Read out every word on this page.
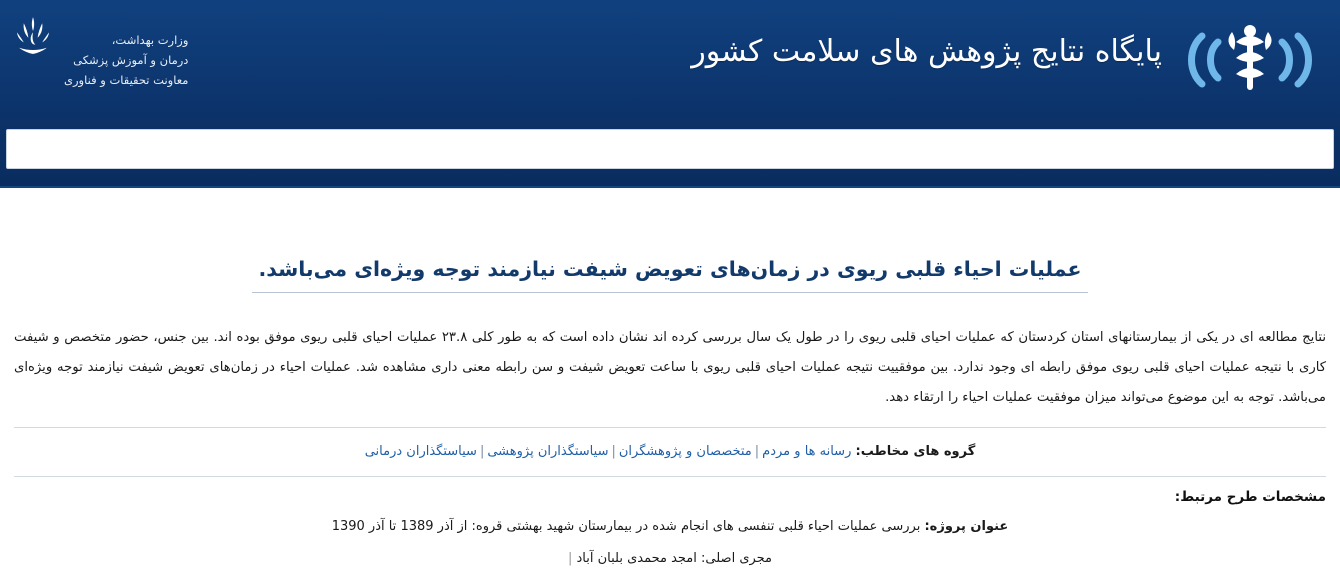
وزارت بهداشت،
درمان و آموزش پزشکی
معاونت تحقیقات و فناوری
پایگاه نتایج پژوهش های سلامت کشور
عملیات احیاء قلبی ریوی در زمان‌های تعویض شیفت نیازمند توجه ویژه‌ای می‌باشد.
نتایج مطالعه ای در یکی از بیمارستانهای استان کردستان که عملیات احیای قلبی ریوی را در طول یک سال بررسی کرده اند نشان داده است که به طور کلی ۲۳.۸ عملیات احیای قلبی ریوی موفق بوده اند. بین جنس، حضور متخصص و شیفت کاری با نتیجه عملیات احیای قلبی ریوی موفق رابطه ای وجود ندارد. بین موفقییت نتیجه عملیات احیای قلبی ریوی با ساعت تعویض شیفت و سن رابطه معنی داری مشاهده شد. عملیات احیاء در زمان‌های تعویض شیفت نیازمند توجه ویژه‌ای می‌باشد. توجه به این موضوع می‌تواند میزان موفقیت عملیات احیاء را ارتقاء دهد.
گروه های مخاطب: رسانه ها و مردم|متخصصان و پژوهشگران|سیاستگذاران پژوهشی|سیاستگذاران درمانی
مشخصات طرح مرتبط:
عنوان پروژه: بررسی عملیات احیاء قلبی تنفسی های انجام شده در بیمارستان شهید بهشتی قروه: از آذر 1389 تا آذر 1390
مجری اصلی: امجد محمدی بلبان آباد |
